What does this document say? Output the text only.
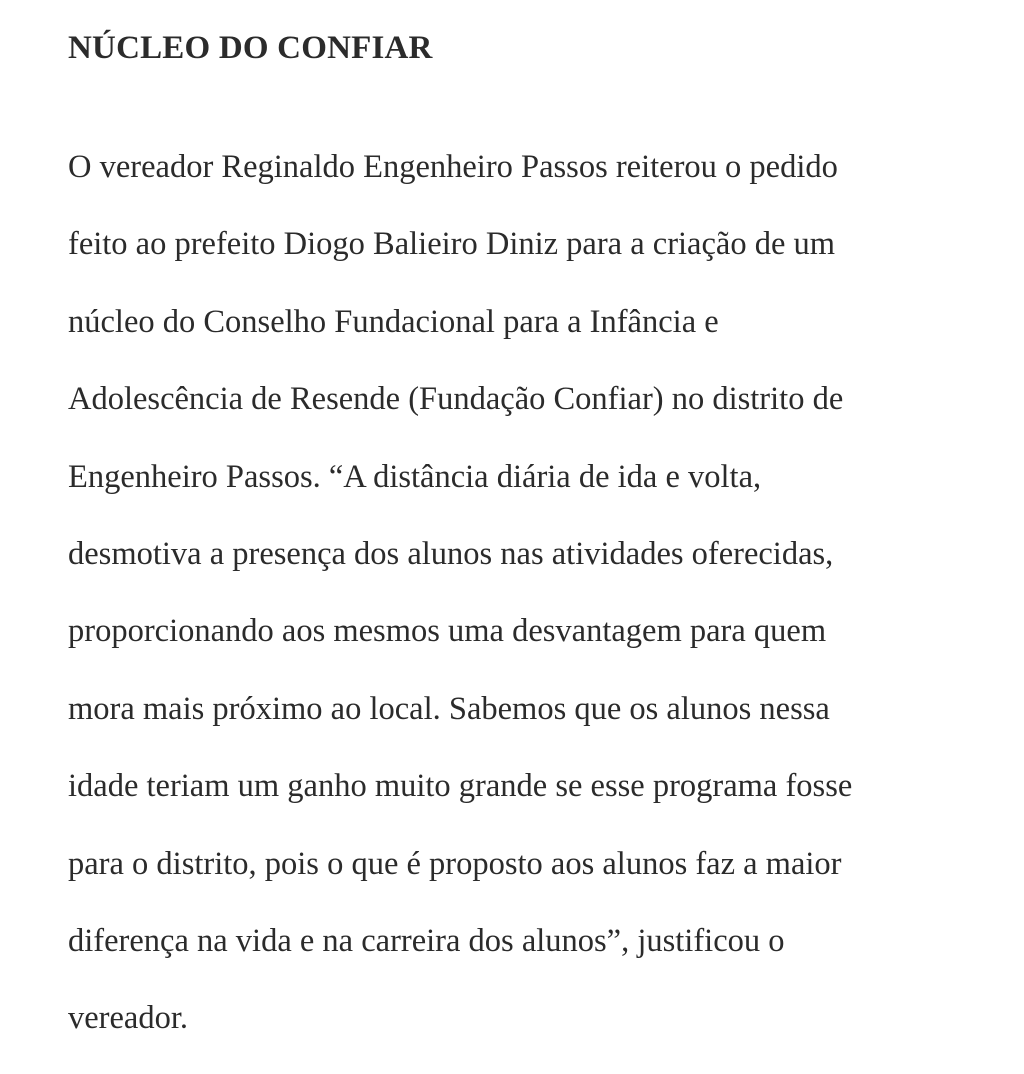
NÚCLEO DO CONFIAR
O vereador Reginaldo Engenheiro Passos reiterou o pedido
feito ao prefeito Diogo Balieiro Diniz para a criação de um
núcleo do Conselho Fundacional para a Infância e
Adolescência de Resende (Fundação Confiar) no distrito de
Engenheiro Passos. “A distância diária de ida e volta,
desmotiva a presença dos alunos nas atividades oferecidas,
proporcionando aos mesmos uma desvantagem para quem
mora mais próximo ao local. Sabemos que os alunos nessa
idade teriam um ganho muito grande se esse programa fosse
para o distrito, pois o que é proposto aos alunos faz a maior
diferença na vida e na carreira dos alunos”, justificou o
vereador.
